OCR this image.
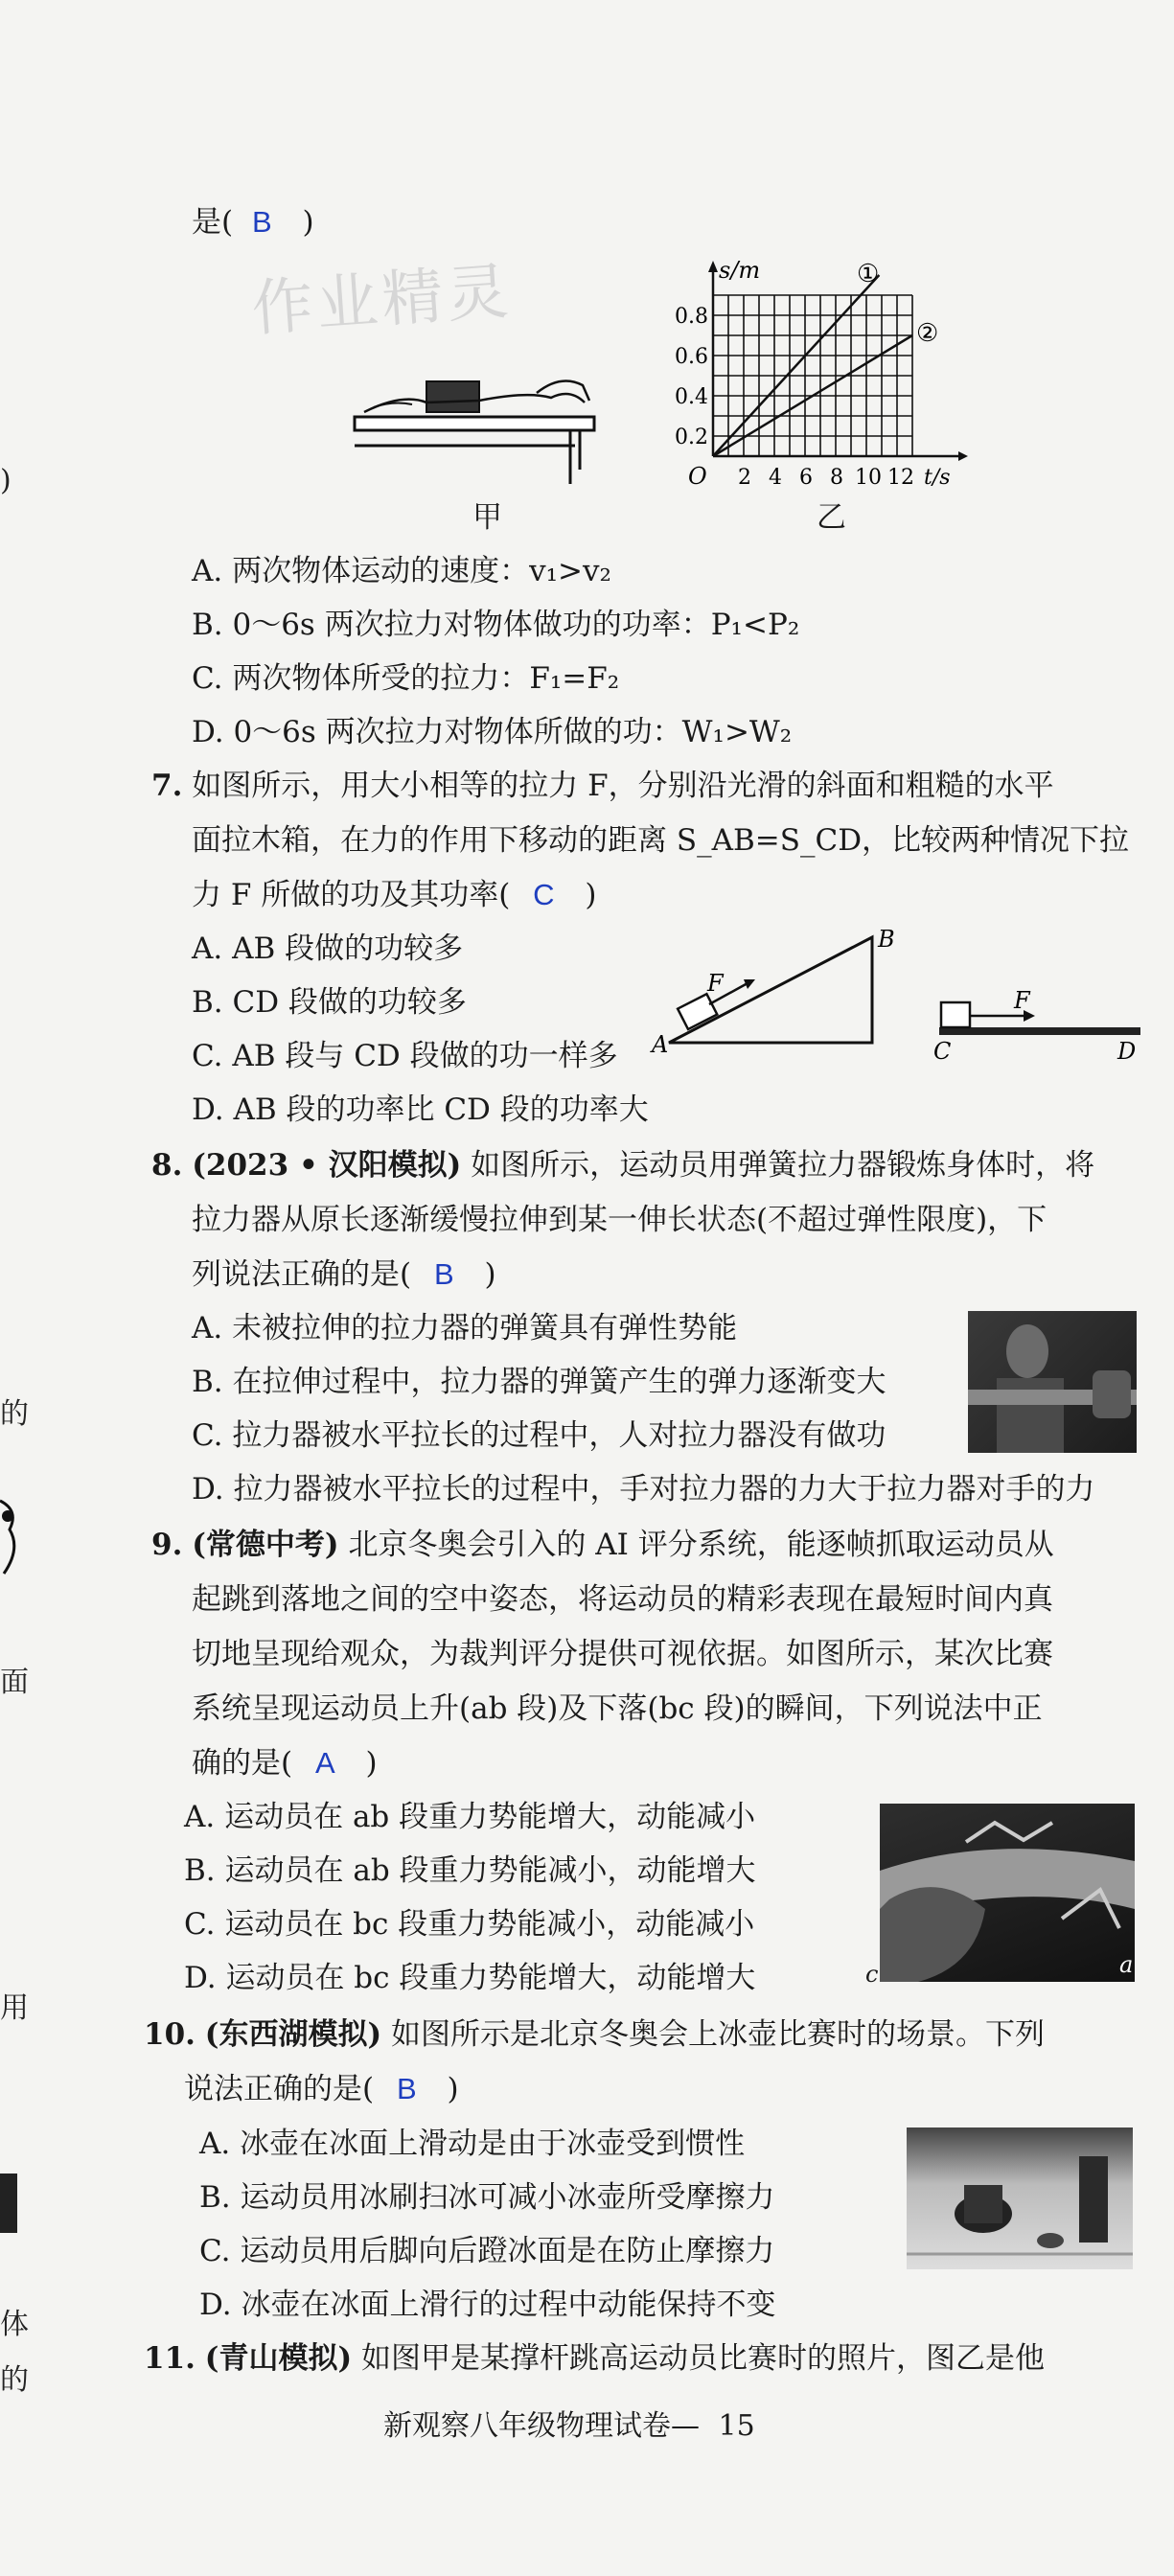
作业精灵
是( B )
甲
s/m
O
0.2
0.4
0.6
0.8
2 4 6 8 10 12 t/s
①
②
乙
A. 两次物体运动的速度：v₁>v₂
B. 0～6s 两次拉力对物体做功的功率：P₁<P₂
C. 两次物体所受的拉力：F₁=F₂
D. 0～6s 两次拉力对物体所做的功：W₁>W₂
7. 如图所示，用大小相等的拉力 F，分别沿光滑的斜面和粗糙的水平
面拉木箱，在力的作用下移动的距离 S_AB=S_CD，比较两种情况下拉
力 F 所做的功及其功率( C )
A. AB 段做的功较多
B. CD 段做的功较多
C. AB 段与 CD 段做的功一样多
D. AB 段的功率比 CD 段的功率大
F
A
B
F
C	D
8. (2023 • 汉阳模拟) 如图所示，运动员用弹簧拉力器锻炼身体时，将
拉力器从原长逐渐缓慢拉伸到某一伸长状态(不超过弹性限度)，下
列说法正确的是( B )
A. 未被拉伸的拉力器的弹簧具有弹性势能
B. 在拉伸过程中，拉力器的弹簧产生的弹力逐渐变大
C. 拉力器被水平拉长的过程中，人对拉力器没有做功
D. 拉力器被水平拉长的过程中，手对拉力器的力大于拉力器对手的力
9. (常德中考) 北京冬奥会引入的 AI 评分系统，能逐帧抓取运动员从
起跳到落地之间的空中姿态，将运动员的精彩表现在最短时间内真
切地呈现给观众，为裁判评分提供可视依据。如图所示，某次比赛
系统呈现运动员上升(ab 段)及下落(bc 段)的瞬间，下列说法中正
确的是( A )
A. 运动员在 ab 段重力势能增大，动能减小
B. 运动员在 ab 段重力势能减小，动能增大
C. 运动员在 bc 段重力势能减小，动能减小
D. 运动员在 bc 段重力势能增大，动能增大	c	a
10. (东西湖模拟) 如图所示是北京冬奥会上冰壶比赛时的场景。下列
说法正确的是( B )
A. 冰壶在冰面上滑动是由于冰壶受到惯性
B. 运动员用冰刷扫冰可减小冰壶所受摩擦力
C. 运动员用后脚向后蹬冰面是在防止摩擦力
D. 冰壶在冰面上滑行的过程中动能保持不变
11. (青山模拟) 如图甲是某撑杆跳高运动员比赛时的照片，图乙是他
新观察八年级物理试卷— 15
)
的
面
用
体
的
